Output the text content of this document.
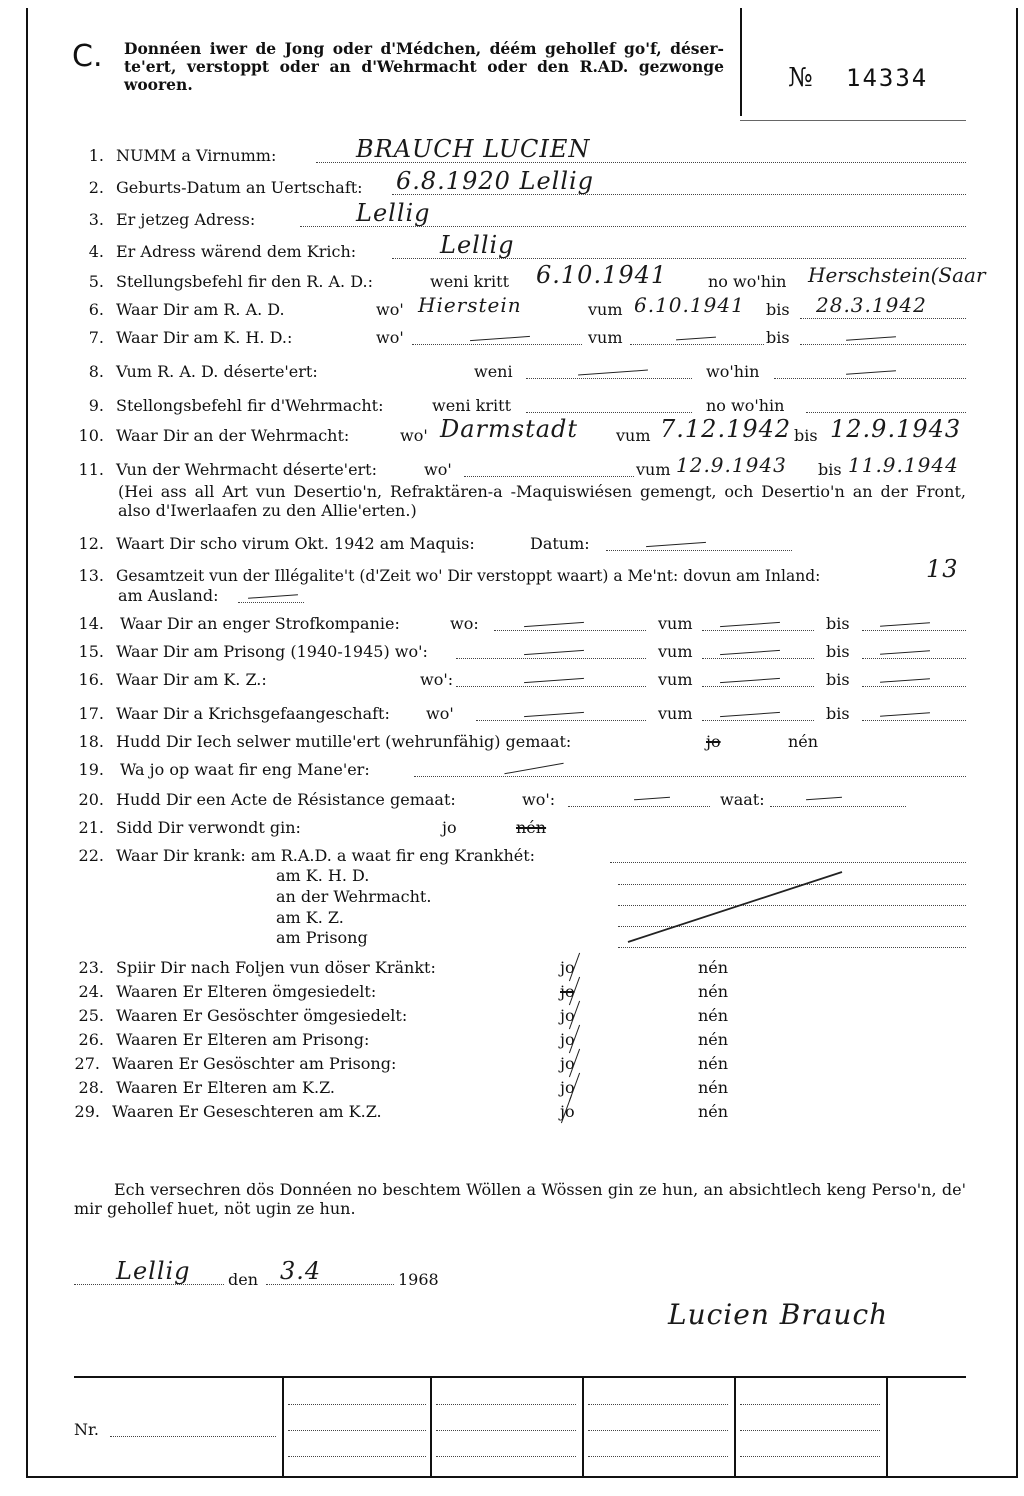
C. Donnéen iwer de Jong oder d'Médchen, déém gehollef go'f, déser-te'ert, verstoppt oder an d'Wehrmacht oder den R.AD. gezwonge wooren.	№ 14334
1. NUMM a Virnumm:	BRAUCH LUCIEN
2. Geburts-Datum an Uertschaft: 6.8.1920 Lellig
3. Er jetzeg Adress:	Lellig
4. Er Adress wärend dem Krich:	Lellig
5. Stellungsbefehl fir den R. A. D.:	weni kritt 6.10.1941	no wo'hin Herschstein(Saar
6. Waar Dir am R. A. D.	wo' Hierstein	vum 6.10.1941 bis 28.3.1942
7. Waar Dir am K. H. D.:	wo'	vum	bis
8. Vum R. A. D. déserte'ert:	weni	wo'hin
9. Stellongsbefehl fir d'Wehrmacht:	weni kritt	no wo'hin
10. Waar Dir an der Wehrmacht:	wo' Darmstadt vum 7.12.1942 bis 12.9.1943
11. Vun der Wehrmacht déserte'ert:	wo'	vum 12.9.1943 bis 11.9.1944
(Hei ass all Art vun Desertio'n, Refraktären-a -Maquiswiésen gemengt, och Desertio'n an der Front, also d'Iwerlaafen zu den Allie'erten.)
12. Waart Dir scho virum Okt. 1942 am Maquis:	Datum:
13. Gesamtzeit vun der Illégalite't (d'Zeit wo' Dir verstoppt waart) a Me'nt: dovun am Inland:	13
am Ausland:
14. Waar Dir an enger Strofkompanie:	wo:	vum	bis
15. Waar Dir am Prisong (1940-1945) wo':	vum	bis
16. Waar Dir am K. Z.:	wo':	vum	bis
17. Waar Dir a Krichsgefaangeschaft: wo'	vum	bis
18. Hudd Dir Iech selwer mutille'ert (wehrunfähig) gemaat:	jo	nén
19. Wa jo op waat fir eng Mane'er:
20. Hudd Dir een Acte de Résistance gemaat:	wo':	waat:
21. Sidd Dir verwondt gin:	jo	nén
22. Waar Dir krank: am R.A.D. a waat fir eng Krankhét:
am K. H. D.
an der Wehrmacht.
am K. Z.
am Prisong
23. Spiir Dir nach Foljen vun döser Kränkt:	jo	nén
24. Waaren Er Elteren ömgesiedelt:	jo	nén
25. Waaren Er Gesöschter ömgesiedelt:	jo	nén
26. Waaren Er Elteren am Prisong:	jo	nén
27. Waaren Er Gesöschter am Prisong:	jo	nén
28. Waaren Er Elteren am K.Z.	jo	nén
29. Waaren Er Geseschteren am K.Z.	jo	nén
Ech versechren dös Donnéen no beschtem Wöllen a Wössen gin ze hun, an absichtlech keng Perso'n, de' mir gehollef huet, nöt ugin ze hun.
Lellig den 3.4	1968
Lucien Brauch
Nr.
